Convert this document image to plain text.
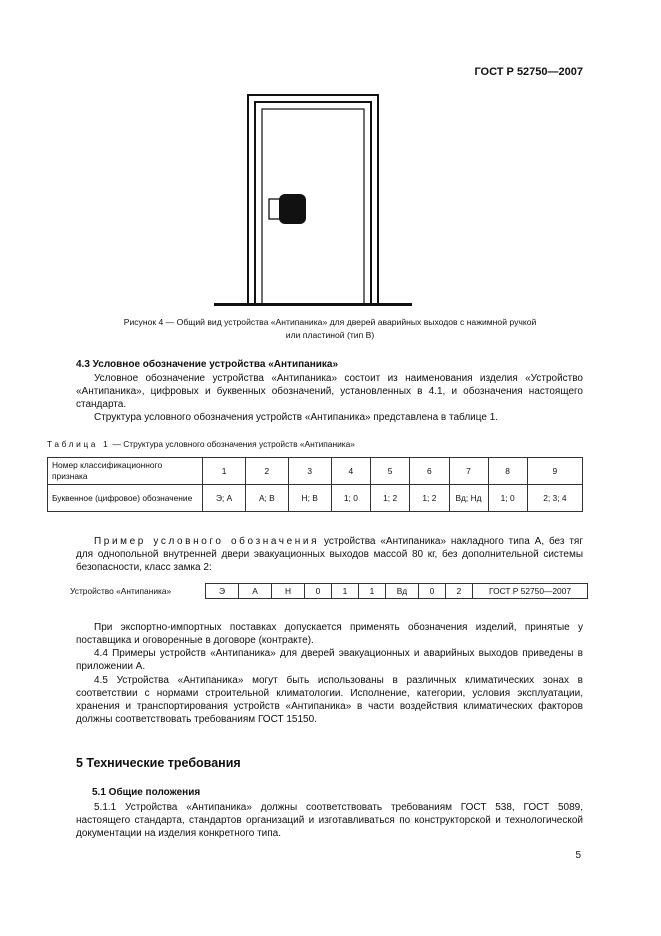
ГОСТ Р 52750—2007
Рисунок 4 — Общий вид устройства «Антипаника» для дверей аварийных выходов с нажимной ручкой
или пластиной (тип В)
4.3 Условное обозначение устройства «Антипаника»
Условное обозначение устройства «Антипаника» состоит из наименования изделия «Устройство «Антипаника», цифровых и буквенных обозначений, установленных в 4.1, и обозначения настоящего стандарта.
Структура условного обозначения устройств «Антипаника» представлена в таблице 1.
Таблица 1 — Структура условного обозначения устройств «Антипаника»
Номер классификационного признака	1	2	3	4	5	6	7	8	9
Буквенное (цифровое) обозначение	Э; А	А; В	Н; В	1; 0	1; 2	1; 2	Вд; Нд	1; 0	2; 3; 4
Пример условного обозначения устройства «Антипаника» накладного типа А, без тяг для однопольной внутренней двери эвакуационных выходов массой 80 кг, без дополнительной системы безопасности, класс замка 2:
Устройство «Антипаника»	Э	А	Н	0	1	1	Вд	0	2	ГОСТ Р 52750—2007
При экспортно-импортных поставках допускается применять обозначения изделий, принятые у поставщика и оговоренные в договоре (контракте).
4.4 Примеры устройств «Антипаника» для дверей эвакуационных и аварийных выходов приведены в приложении А.
4.5 Устройства «Антипаника» могут быть использованы в различных климатических зонах в соответствии с нормами строительной климатологии. Исполнение, категории, условия эксплуатации, хранения и транспортирования устройств «Антипаника» в части воздействия климатических факторов должны соответствовать требованиям ГОСТ 15150.
5 Технические требования
5.1 Общие положения
5.1.1 Устройства «Антипаника» должны соответствовать требованиям ГОСТ 538, ГОСТ 5089, настоящего стандарта, стандартов организаций и изготавливаться по конструкторской и технологической документации на изделия конкретного типа.
5
